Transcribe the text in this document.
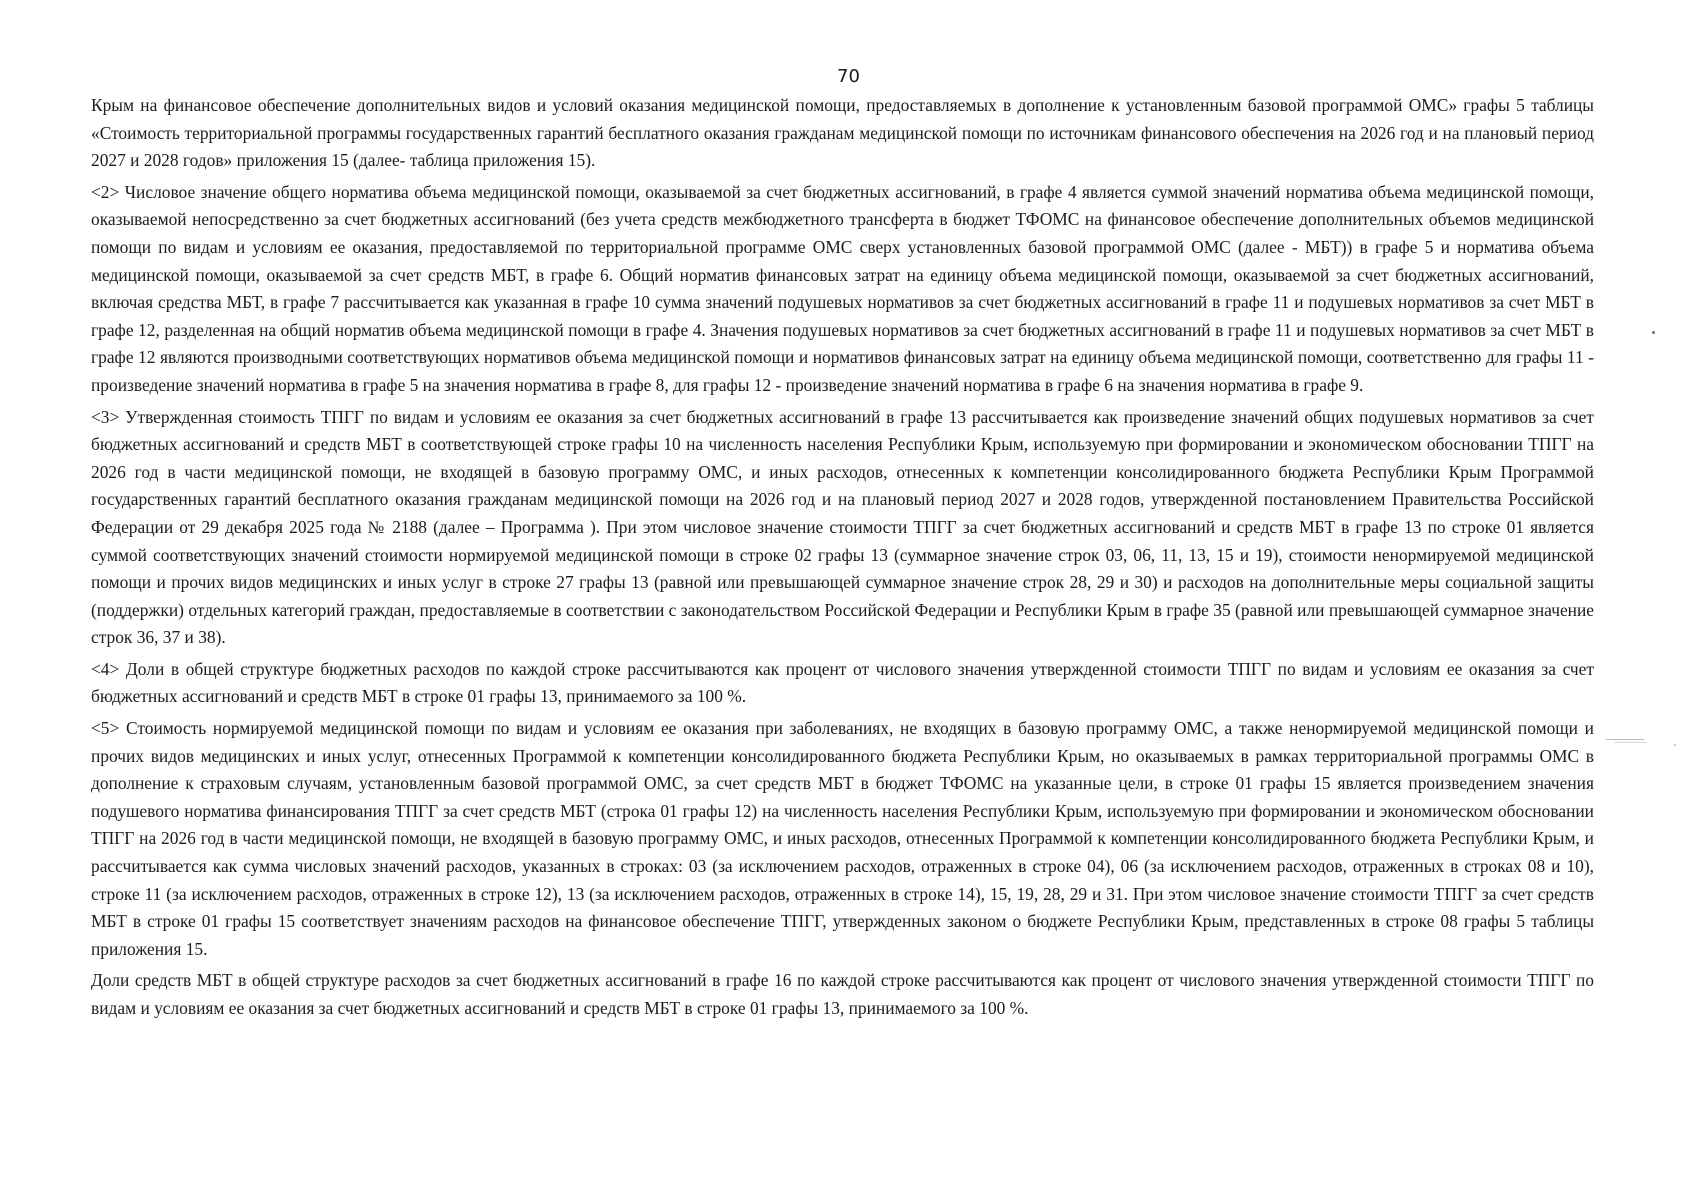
70

Крым на финансовое обеспечение дополнительных видов и условий оказания медицинской помощи, предоставляемых в дополнение к установленным базовой программой ОМС» графы 5 таблицы «Стоимость территориальной программы государственных гарантий бесплатного оказания гражданам медицинской помощи по источникам финансового обеспечения на 2026 год и на плановый период 2027 и 2028 годов» приложения 15 (далее- таблица приложения 15).

<2> Числовое значение общего норматива объема медицинской помощи, оказываемой за счет бюджетных ассигнований, в графе 4 является суммой значений норматива объема медицинской помощи, оказываемой непосредственно за счет бюджетных ассигнований (без учета средств межбюджетного трансферта в бюджет ТФОМС на финансовое обеспечение дополнительных объемов медицинской помощи по видам и условиям ее оказания, предоставляемой по территориальной программе ОМС сверх установленных базовой программой ОМС (далее - МБТ)) в графе 5 и норматива объема медицинской помощи, оказываемой за счет средств МБТ, в графе 6. Общий норматив финансовых затрат на единицу объема медицинской помощи, оказываемой за счет бюджетных ассигнований, включая средства МБТ, в графе 7 рассчитывается как указанная в графе 10 сумма значений подушевых нормативов за счет бюджетных ассигнований в графе 11 и подушевых нормативов за счет МБТ в графе 12, разделенная на общий норматив объема медицинской помощи в графе 4. Значения подушевых нормативов за счет бюджетных ассигнований в графе 11 и подушевых нормативов за счет МБТ в графе 12 являются производными соответствующих нормативов объема медицинской помощи и нормативов финансовых затрат на единицу объема медицинской помощи, соответственно для графы 11 - произведение значений норматива в графе 5 на значения норматива в графе 8, для графы 12 - произведение значений норматива в графе 6 на значения норматива в графе 9.

<3> Утвержденная стоимость ТПГГ по видам и условиям ее оказания за счет бюджетных ассигнований в графе 13 рассчитывается как произведение значений общих подушевых нормативов за счет бюджетных ассигнований и средств МБТ в соответствующей строке графы 10 на численность населения Республики Крым, используемую при формировании и экономическом обосновании ТПГГ на 2026 год в части медицинской помощи, не входящей в базовую программу ОМС, и иных расходов, отнесенных к компетенции консолидированного бюджета Республики Крым Программой государственных гарантий бесплатного оказания гражданам медицинской помощи на 2026 год и на плановый период 2027 и 2028 годов, утвержденной постановлением Правительства Российской Федерации от 29 декабря 2025 года № 2188 (далее – Программа ). При этом числовое значение стоимости ТПГГ за счет бюджетных ассигнований и средств МБТ в графе 13 по строке 01 является суммой соответствующих значений стоимости нормируемой медицинской помощи в строке 02 графы 13 (суммарное значение строк 03, 06, 11, 13, 15 и 19), стоимости ненормируемой медицинской помощи и прочих видов медицинских и иных услуг в строке 27 графы 13 (равной или превышающей суммарное значение строк 28, 29 и 30) и расходов на дополнительные меры социальной защиты (поддержки) отдельных категорий граждан, предоставляемые в соответствии с законодательством Российской Федерации и Республики Крым в графе 35 (равной или превышающей суммарное значение строк 36, 37 и 38).

<4> Доли в общей структуре бюджетных расходов по каждой строке рассчитываются как процент от числового значения утвержденной стоимости ТПГГ по видам и условиям ее оказания за счет бюджетных ассигнований и средств МБТ в строке 01 графы 13, принимаемого за 100 %.

<5> Стоимость нормируемой медицинской помощи по видам и условиям ее оказания при заболеваниях, не входящих в базовую программу ОМС, а также ненормируемой медицинской помощи и прочих видов медицинских и иных услуг, отнесенных Программой к компетенции консолидированного бюджета Республики Крым, но оказываемых в рамках территориальной программы ОМС в дополнение к страховым случаям, установленным базовой программой ОМС, за счет средств МБТ в бюджет ТФОМС на указанные цели, в строке 01 графы 15 является произведением значения подушевого норматива финансирования ТПГГ за счет средств МБТ (строка 01 графы 12) на численность населения Республики Крым, используемую при формировании и экономическом обосновании ТПГГ на 2026 год в части медицинской помощи, не входящей в базовую программу ОМС, и иных расходов, отнесенных Программой к компетенции консолидированного бюджета Республики Крым, и рассчитывается как сумма числовых значений расходов, указанных в строках: 03 (за исключением расходов, отраженных в строке 04), 06 (за исключением расходов, отраженных в строках 08 и 10), строке 11 (за исключением расходов, отраженных в строке 12), 13 (за исключением расходов, отраженных в строке 14), 15, 19, 28, 29 и 31. При этом числовое значение стоимости ТПГГ за счет средств МБТ в строке 01 графы 15 соответствует значениям расходов на финансовое обеспечение ТПГГ, утвержденных законом о бюджете Республики Крым, представленных в строке 08 графы 5 таблицы приложения 15.

Доли средств МБТ в общей структуре расходов за счет бюджетных ассигнований в графе 16 по каждой строке рассчитываются как процент от числового значения утвержденной стоимости ТПГГ по видам и условиям ее оказания за счет бюджетных ассигнований и средств МБТ в строке 01 графы 13, принимаемого за 100 %.
